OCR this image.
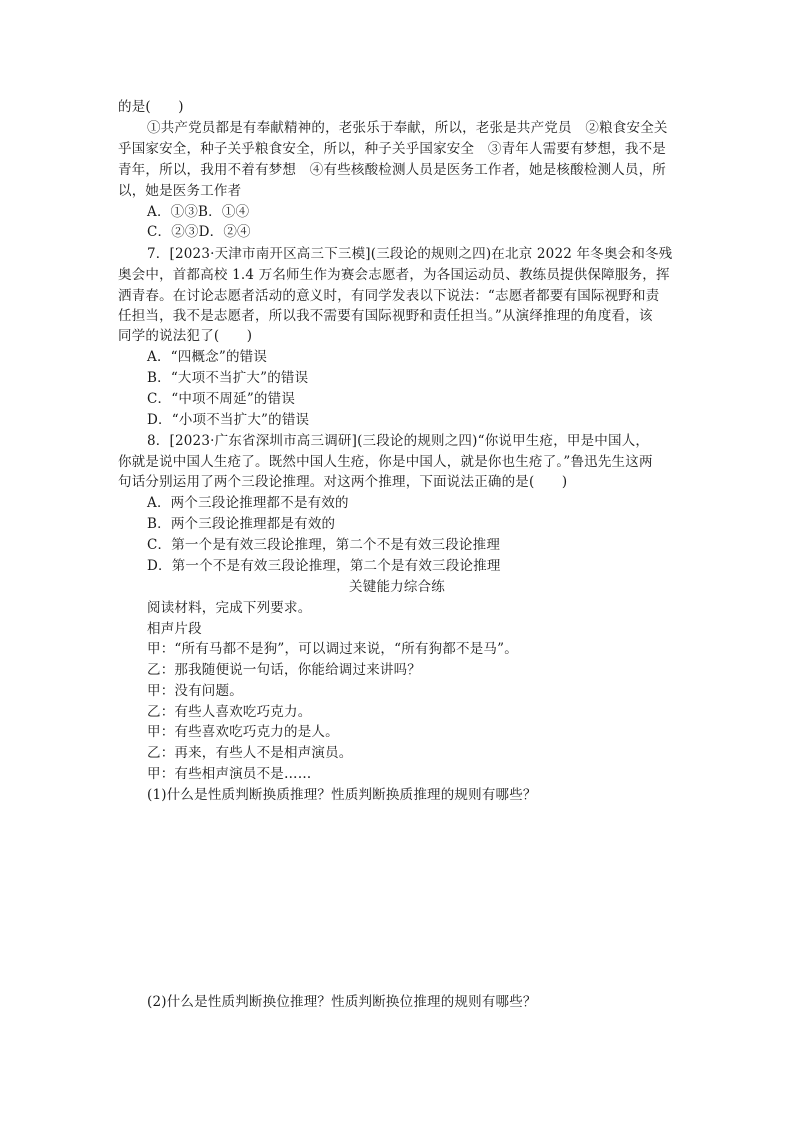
的是(　　)
①共产党员都是有奉献精神的，老张乐于奉献，所以，老张是共产党员　②粮食安全关
乎国家安全，种子关乎粮食安全，所以，种子关乎国家安全　③青年人需要有梦想，我不是
青年，所以，我用不着有梦想　④有些核酸检测人员是医务工作者，她是核酸检测人员，所
以，她是医务工作者
A．①③B．①④
C．②③D．②④
7．[2023·天津市南开区高三下三模](三段论的规则之四)在北京 2022 年冬奥会和冬残
奥会中，首都高校 1.4 万名师生作为赛会志愿者，为各国运动员、教练员提供保障服务，挥
洒青春。在讨论志愿者活动的意义时，有同学发表以下说法：“志愿者都要有国际视野和责
任担当，我不是志愿者，所以我不需要有国际视野和责任担当。”从演绎推理的角度看，该
同学的说法犯了(　　)
A．“四概念”的错误
B．“大项不当扩大”的错误
C．“中项不周延”的错误
D．“小项不当扩大”的错误
8．[2023·广东省深圳市高三调研](三段论的规则之四)“你说甲生疮，甲是中国人，
你就是说中国人生疮了。既然中国人生疮，你是中国人，就是你也生疮了。”鲁迅先生这两
句话分别运用了两个三段论推理。对这两个推理，下面说法正确的是(　　)
A．两个三段论推理都不是有效的
B．两个三段论推理都是有效的
C．第一个是有效三段论推理，第二个不是有效三段论推理
D．第一个不是有效三段论推理，第二个是有效三段论推理
关键能力综合练
阅读材料，完成下列要求。
相声片段
甲：“所有马都不是狗”，可以调过来说，“所有狗都不是马”。
乙：那我随便说一句话，你能给调过来讲吗？
甲：没有问题。
乙：有些人喜欢吃巧克力。
甲：有些喜欢吃巧克力的是人。
乙：再来，有些人不是相声演员。
甲：有些相声演员不是……
(1)什么是性质判断换质推理？性质判断换质推理的规则有哪些？
(2)什么是性质判断换位推理？性质判断换位推理的规则有哪些？
